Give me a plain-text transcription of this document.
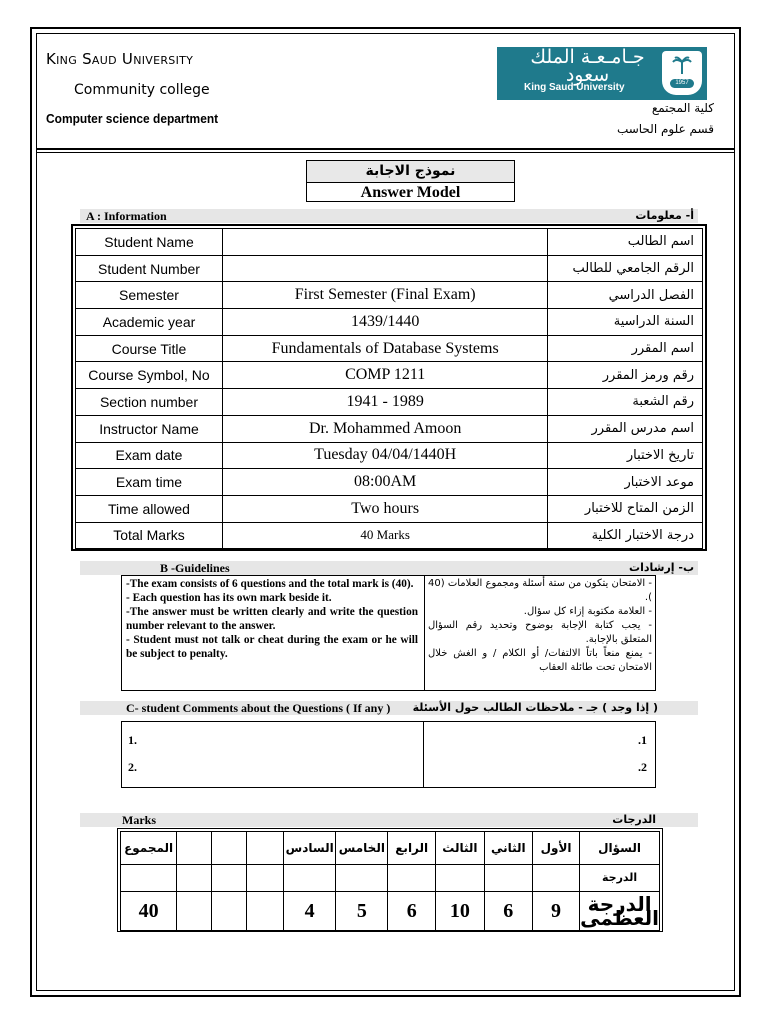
King Saud University
Community college
Computer science department
جـامـعـة الملك سعود
King Saud University	1957
كلية المجتمع
قسم علوم الحاسب
نموذج الاجابة
Answer Model
A : Information	أ- معلومات
Student Name		اسم الطالب
Student Number		الرقم الجامعي للطالب
Semester	First Semester (Final Exam)	الفصل الدراسي
Academic year	1439/1440	السنة الدراسية
Course Title	Fundamentals of Database Systems	اسم المقرر
Course Symbol, No	COMP 1211	رقم ورمز المقرر
Section number	1941 - 1989	رقم الشعبة
Instructor Name	Dr. Mohammed Amoon	اسم مدرس المقرر
Exam date	Tuesday 04/04/1440H	تاريخ الاختبار
Exam time	08:00AM	موعد الاختبار
Time allowed	Two hours	الزمن المتاح للاختبار
Total Marks	40 Marks	درجة الاختبار الكلية
B -Guidelines	ب- إرشادات

-The exam consists of 6 questions and the total mark is (40).

- Each question has its own mark beside it.

-The answer must be written clearly and write the question number relevant to the answer.

- Student must not talk or cheat during the exam or he will be subject to penalty.

- الامتحان يتكون من ستة أسئلة ومجموع العلامات (40 ).

- العلامة مكتوبة إزاء كل سؤال.

- يجب كتابة الإجابة بوضوح وتحديد رقم السؤال المتعلق بالإجابة.

- يمنع منعاً باتاً الالتفات/ أو الكلام / و الغش خلال الامتحان تحت طائلة العقاب

C- student Comments about the Questions ( If any ) ( إذا وجد ) جـ - ملاحظات الطالب حول الأسئلة
1.
2.
.1
.2
Marks	الدرجات
المجموع				السادس	الخامس	الرابع	الثالث	الثاني	الأول	السؤال
										الدرجة
40				4	5	6	10	6	9	الدرجة العظمى
